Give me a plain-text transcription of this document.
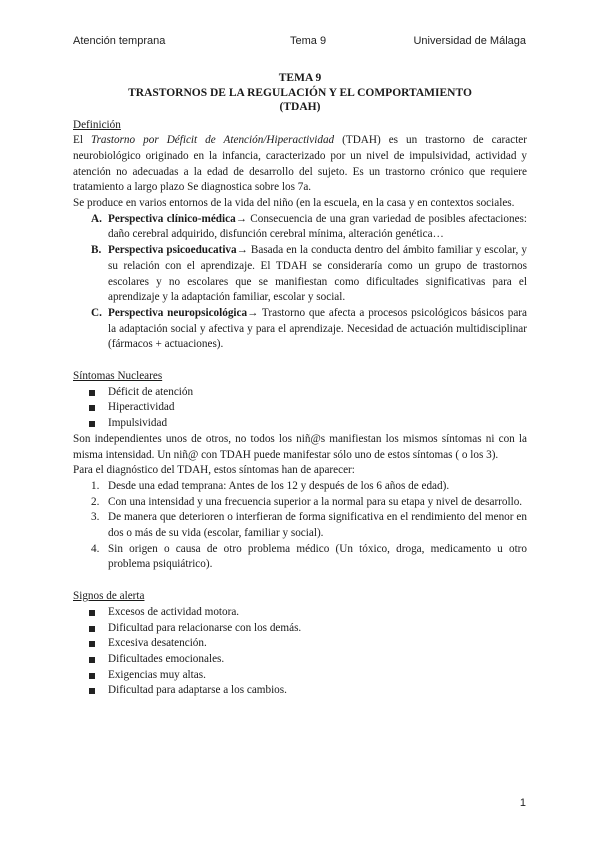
Atención temprana	Tema 9	Universidad de Málaga
TEMA 9
TRASTORNOS DE LA REGULACIÓN Y EL COMPORTAMIENTO
(TDAH)
Definición

El Trastorno por Déficit de Atención/Hiperactividad (TDAH) es un trastorno de caracter neurobiológico originado en la infancia, caracterizado por un nivel de impulsividad, actividad y atención no adecuadas a la edad de desarrollo del sujeto. Es un trastorno crónico que requiere tratamiento a largo plazo Se diagnostica sobre los 7a.

Se produce en varios entornos de la vida del niño (en la escuela, en la casa y en contextos sociales.

A. Perspectiva clínico-médica→ Consecuencia de una gran variedad de posibles afectaciones: daño cerebral adquirido, disfunción cerebral mínima, alteración genética…
B. Perspectiva psicoeducativa→ Basada en la conducta dentro del ámbito familiar y escolar, y su relación con el aprendizaje. El TDAH se consideraría como un grupo de trastornos escolares y no escolares que se manifiestan como dificultades significativas para el aprendizaje y la adaptación familiar, escolar y social.
C. Perspectiva neuropsicológica→ Trastorno que afecta a procesos psicológicos básicos para la adaptación social y afectiva y para el aprendizaje. Necesidad de actuación multidisciplinar (fármacos + actuaciones).
Síntomas Nucleares
Déficit de atención
Hiperactividad
Impulsividad

Son independientes unos de otros, no todos los niñ@s manifiestan los mismos síntomas ni con la misma intensidad. Un niñ@ con TDAH puede manifestar sólo uno de estos síntomas ( o los 3).

Para el diagnóstico del TDAH, estos síntomas han de aparecer:

1. Desde una edad temprana: Antes de los 12 y después de los 6 años de edad).
2. Con una intensidad y una frecuencia superior a la normal para su etapa y nivel de desarrollo.
3. De manera que deterioren o interfieran de forma significativa en el rendimiento del menor en dos o más de su vida (escolar, familiar y social).
4. Sin origen o causa de otro problema médico (Un tóxico, droga, medicamento u otro problema psiquiátrico).
Signos de alerta
Excesos de actividad motora.
Dificultad para relacionarse con los demás.
Excesiva desatención.
Dificultades emocionales.
Exigencias muy altas.
Dificultad para adaptarse a los cambios.
1
